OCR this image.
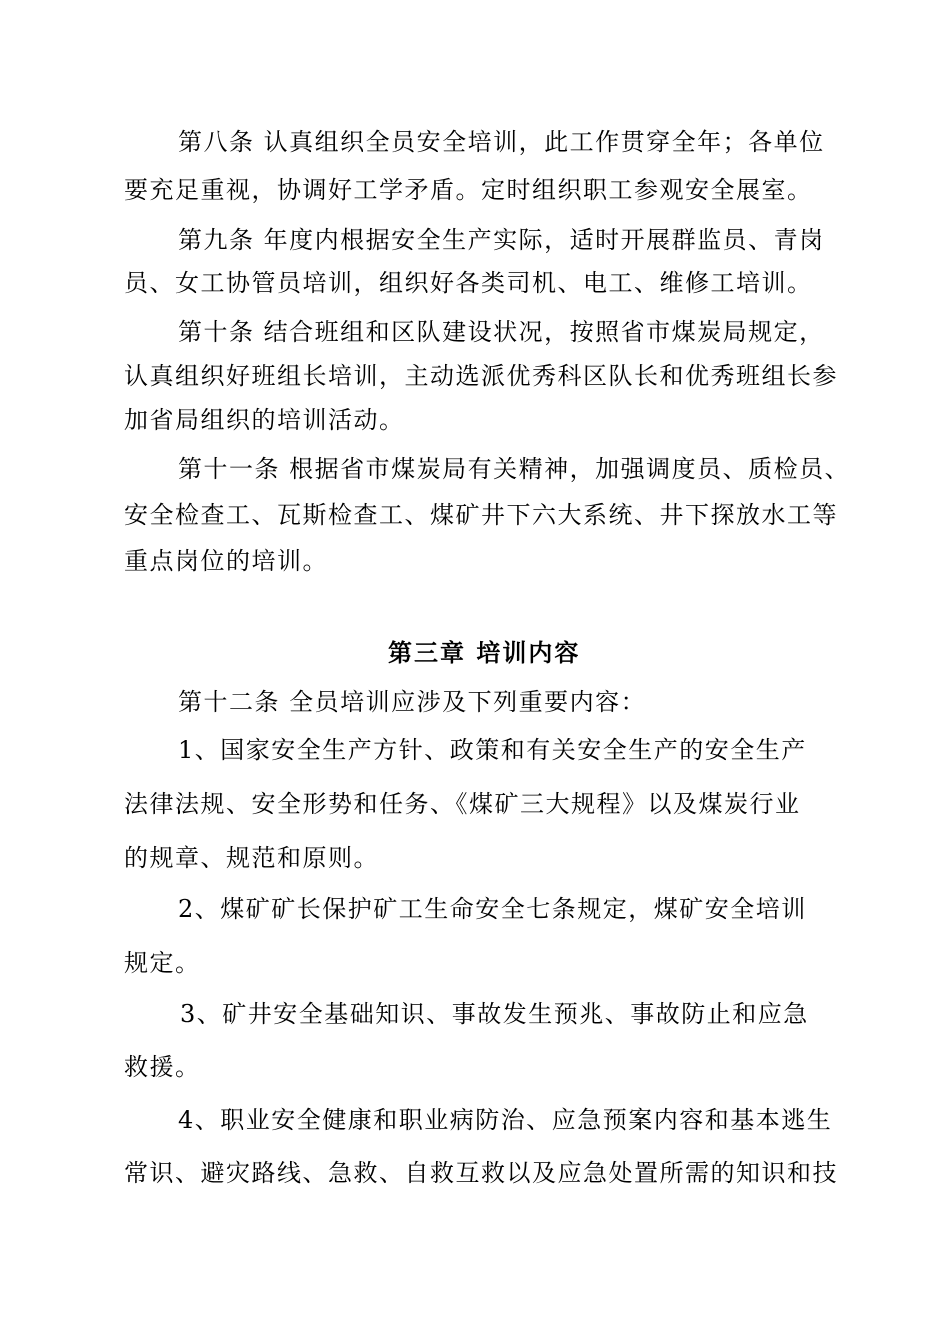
第八条 认真组织全员安全培训，此工作贯穿全年；各单位
要充足重视，协调好工学矛盾。定时组织职工参观安全展室。
第九条 年度内根据安全生产实际，适时开展群监员、青岗
员、女工协管员培训，组织好各类司机、电工、维修工培训。
第十条 结合班组和区队建设状况，按照省市煤炭局规定，
认真组织好班组长培训，主动选派优秀科区队长和优秀班组长参
加省局组织的培训活动。
第十一条 根据省市煤炭局有关精神，加强调度员、质检员、
安全检查工、瓦斯检查工、煤矿井下六大系统、井下探放水工等
重点岗位的培训。
第三章 培训内容
第十二条 全员培训应涉及下列重要内容：
1、国家安全生产方针、政策和有关安全生产的安全生产
法律法规、安全形势和任务、《煤矿三大规程》以及煤炭行业
的规章、规范和原则。
2、煤矿矿长保护矿工生命安全七条规定，煤矿安全培训
规定。
3、矿井安全基础知识、事故发生预兆、事故防止和应急
救援。
4、职业安全健康和职业病防治、应急预案内容和基本逃生
常识、避灾路线、急救、自救互救以及应急处置所需的知识和技
